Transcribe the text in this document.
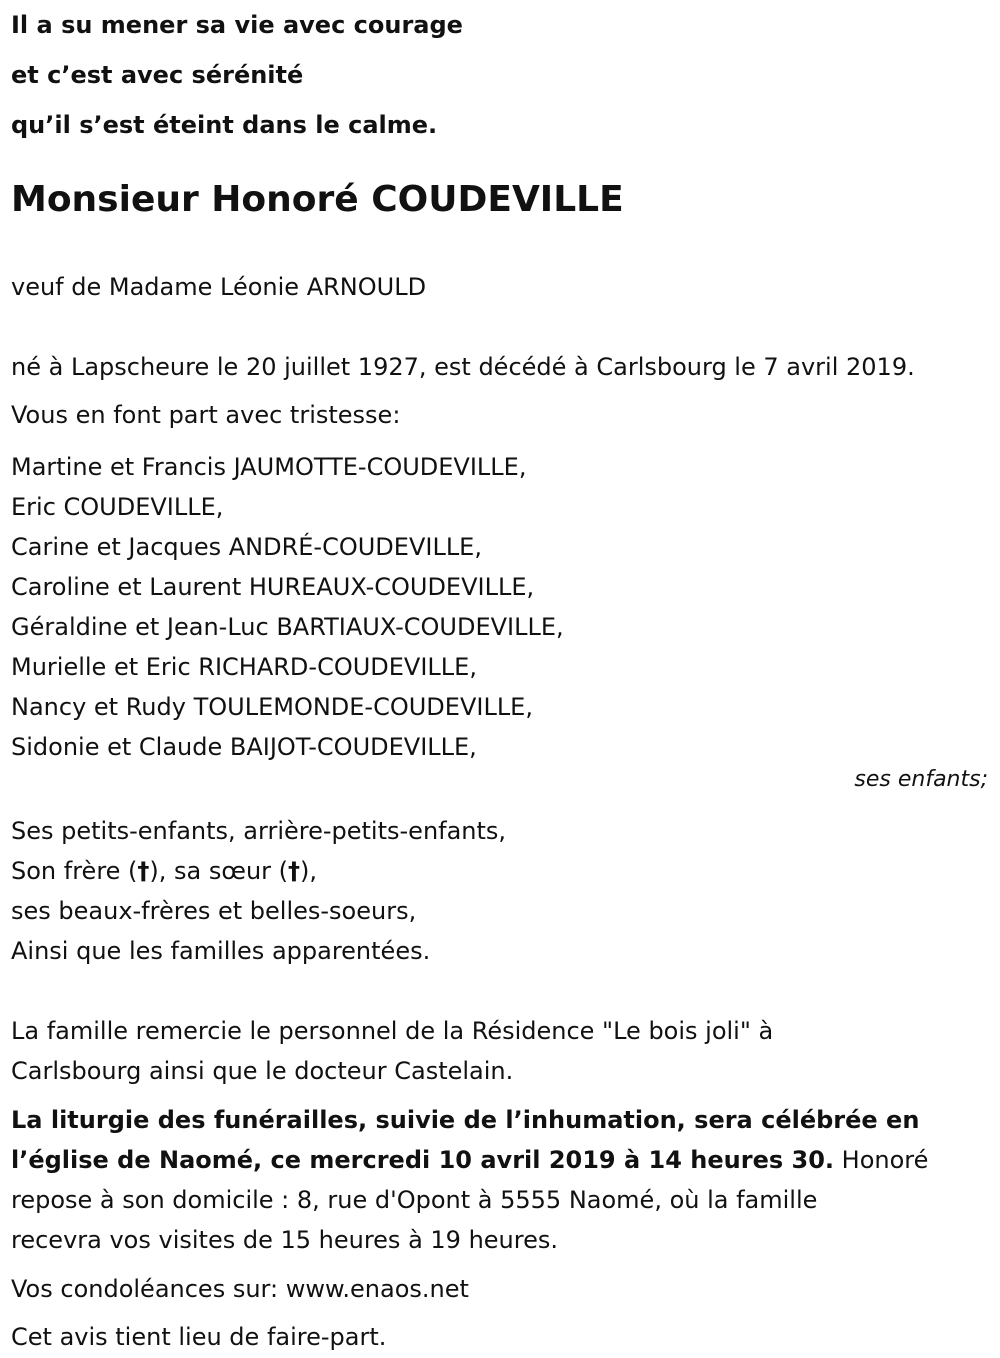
Il a su mener sa vie avec courage

et c’est avec sérénité

qu’il s’est éteint dans le calme.

Monsieur Honoré COUDEVILLE

veuf de Madame Léonie ARNOULD

né à Lapscheure le 20 juillet 1927, est décédé à Carlsbourg le 7 avril 2019.

Vous en font part avec tristesse:

Martine et Francis JAUMOTTE-COUDEVILLE,

Eric COUDEVILLE,

Carine et Jacques ANDRÉ-COUDEVILLE,

Caroline et Laurent HUREAUX-COUDEVILLE,

Géraldine et Jean-Luc BARTIAUX-COUDEVILLE,

Murielle et Eric RICHARD-COUDEVILLE,

Nancy et Rudy TOULEMONDE-COUDEVILLE,

Sidonie et Claude BAIJOT-COUDEVILLE,

ses enfants;

Ses petits-enfants, arrière-petits-enfants,

Son frère (†), sa sœur (†),

ses beaux-frères et belles-soeurs,

Ainsi que les familles apparentées.

La famille remercie le personnel de la Résidence "Le bois joli" à

Carlsbourg ainsi que le docteur Castelain.

La liturgie des funérailles, suivie de l’inhumation, sera célébrée en

l’église de Naomé, ce mercredi 10 avril 2019 à 14 heures 30. Honoré

repose à son domicile : 8, rue d'Opont à 5555 Naomé, où la famille

recevra vos visites de 15 heures à 19 heures.

Vos condoléances sur: www.enaos.net

Cet avis tient lieu de faire-part.
